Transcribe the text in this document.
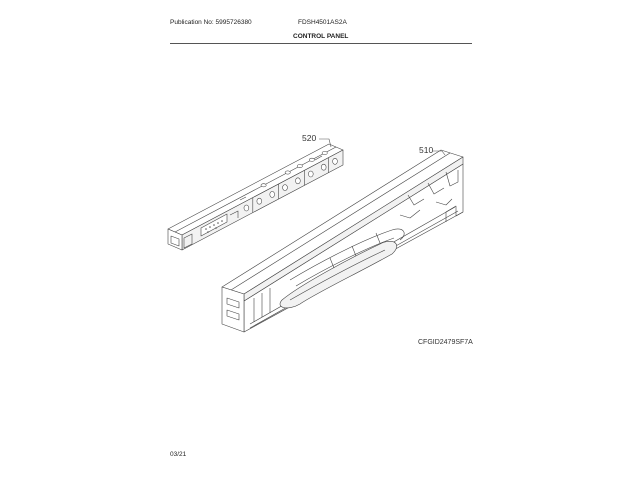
Publication No: 5995726380	FDSH4501AS2A
CONTROL PANEL
520
510
CFGID2479SF7A
03/21
